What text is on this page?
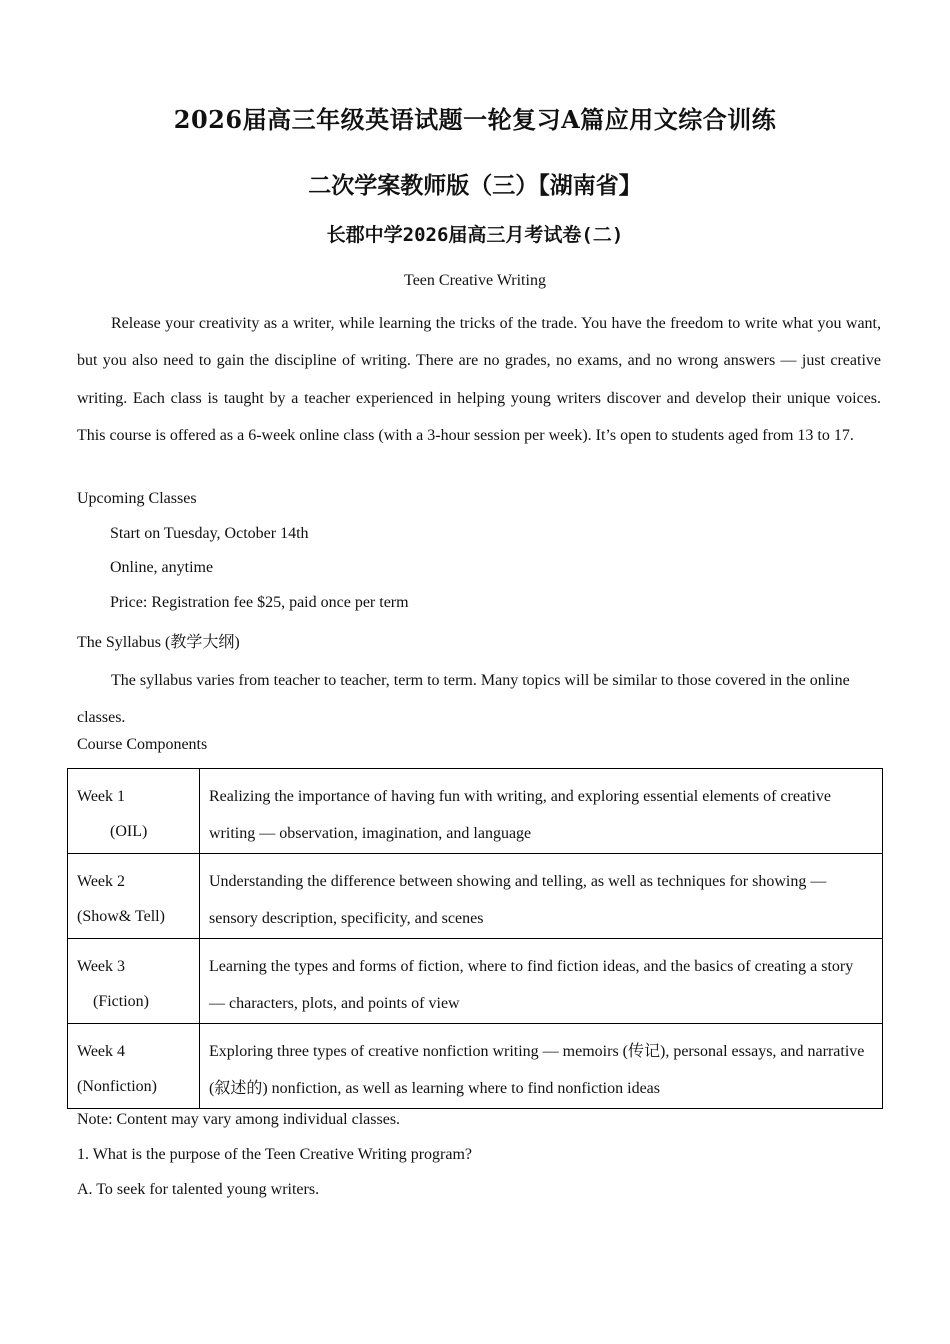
2026届高三年级英语试题一轮复习A篇应用文综合训练
二次学案教师版（三）【湖南省】
长郡中学2026届高三月考试卷(二)
Teen Creative Writing

Release your creativity as a writer, while learning the tricks of the trade. You have the freedom to write what you want, but you also need to gain the discipline of writing. There are no grades, no exams, and no wrong answers — just creative writing. Each class is taught by a teacher experienced in helping young writers discover and develop their unique voices. This course is offered as a 6-week online class (with a 3-hour session per week). It’s open to students aged from 13 to 17.

Upcoming Classes
Start on Tuesday, October 14th
Online, anytime
Price: Registration fee $25, paid once per term
The Syllabus (教学大纲)

The syllabus varies from teacher to teacher, term to term. Many topics will be similar to those covered in the online classes.

Course Components
Week 1
(OIL)	Realizing the importance of having fun with writing, and exploring essential elements of creative writing — observation, imagination, and language

Week 2
(Show& Tell)	Understanding the difference between showing and telling, as well as techniques for showing — sensory description, specificity, and scenes

Week 3
(Fiction)	Learning the types and forms of fiction, where to find fiction ideas, and the basics of creating a story — characters, plots, and points of view

Week 4
(Nonfiction)	Exploring three types of creative nonfiction writing — memoirs (传记), personal essays, and narrative (叙述的) nonfiction, as well as learning where to find nonfiction ideas
Note: Content may vary among individual classes.
1. What is the purpose of the Teen Creative Writing program?
A. To seek for talented young writers.
